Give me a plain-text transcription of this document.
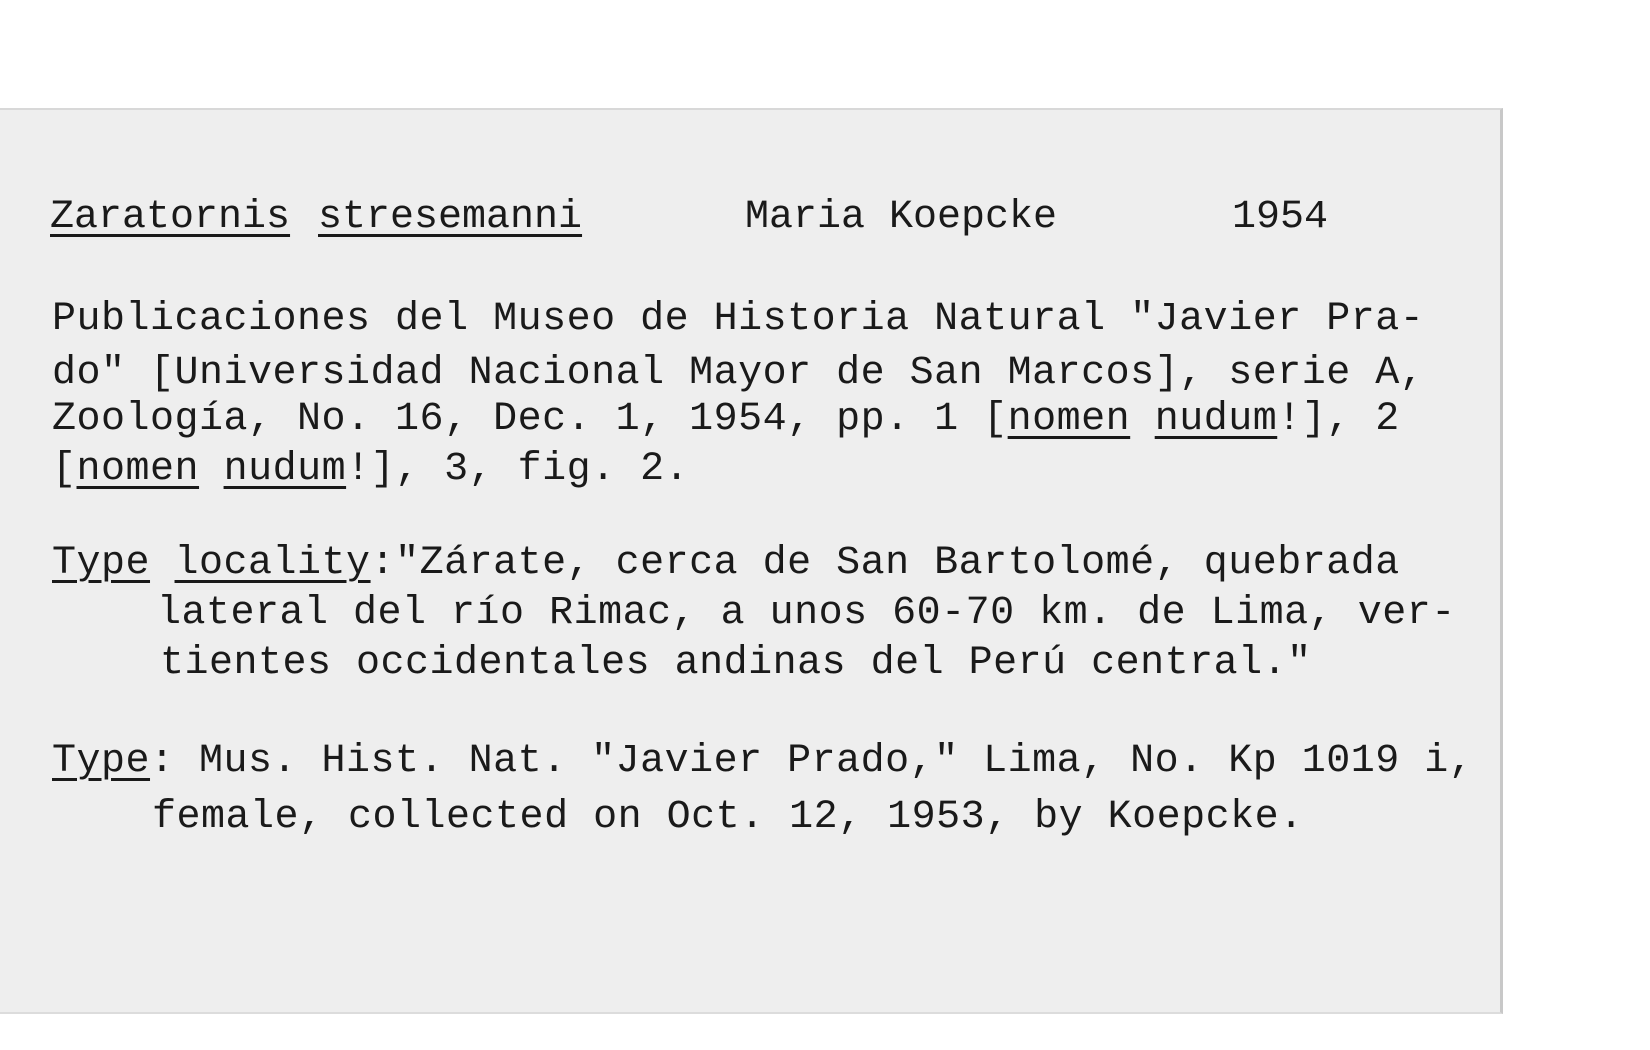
Zaratornis stresemanni	Maria Koepcke	1954
Publicaciones del Museo de Historia Natural "Javier Pra-
do" [Universidad Nacional Mayor de San Marcos], serie A,
Zoología, No. 16, Dec. 1, 1954, pp. 1 [nomen nudum!], 2
[nomen nudum!], 3, fig. 2.
Type locality:"Zárate, cerca de San Bartolomé, quebrada
lateral del río Rimac, a unos 60-70 km. de Lima, ver-
tientes occidentales andinas del Perú central."
Type: Mus. Hist. Nat. "Javier Prado," Lima, No. Kp 1019 i,
female, collected on Oct. 12, 1953, by Koepcke.
